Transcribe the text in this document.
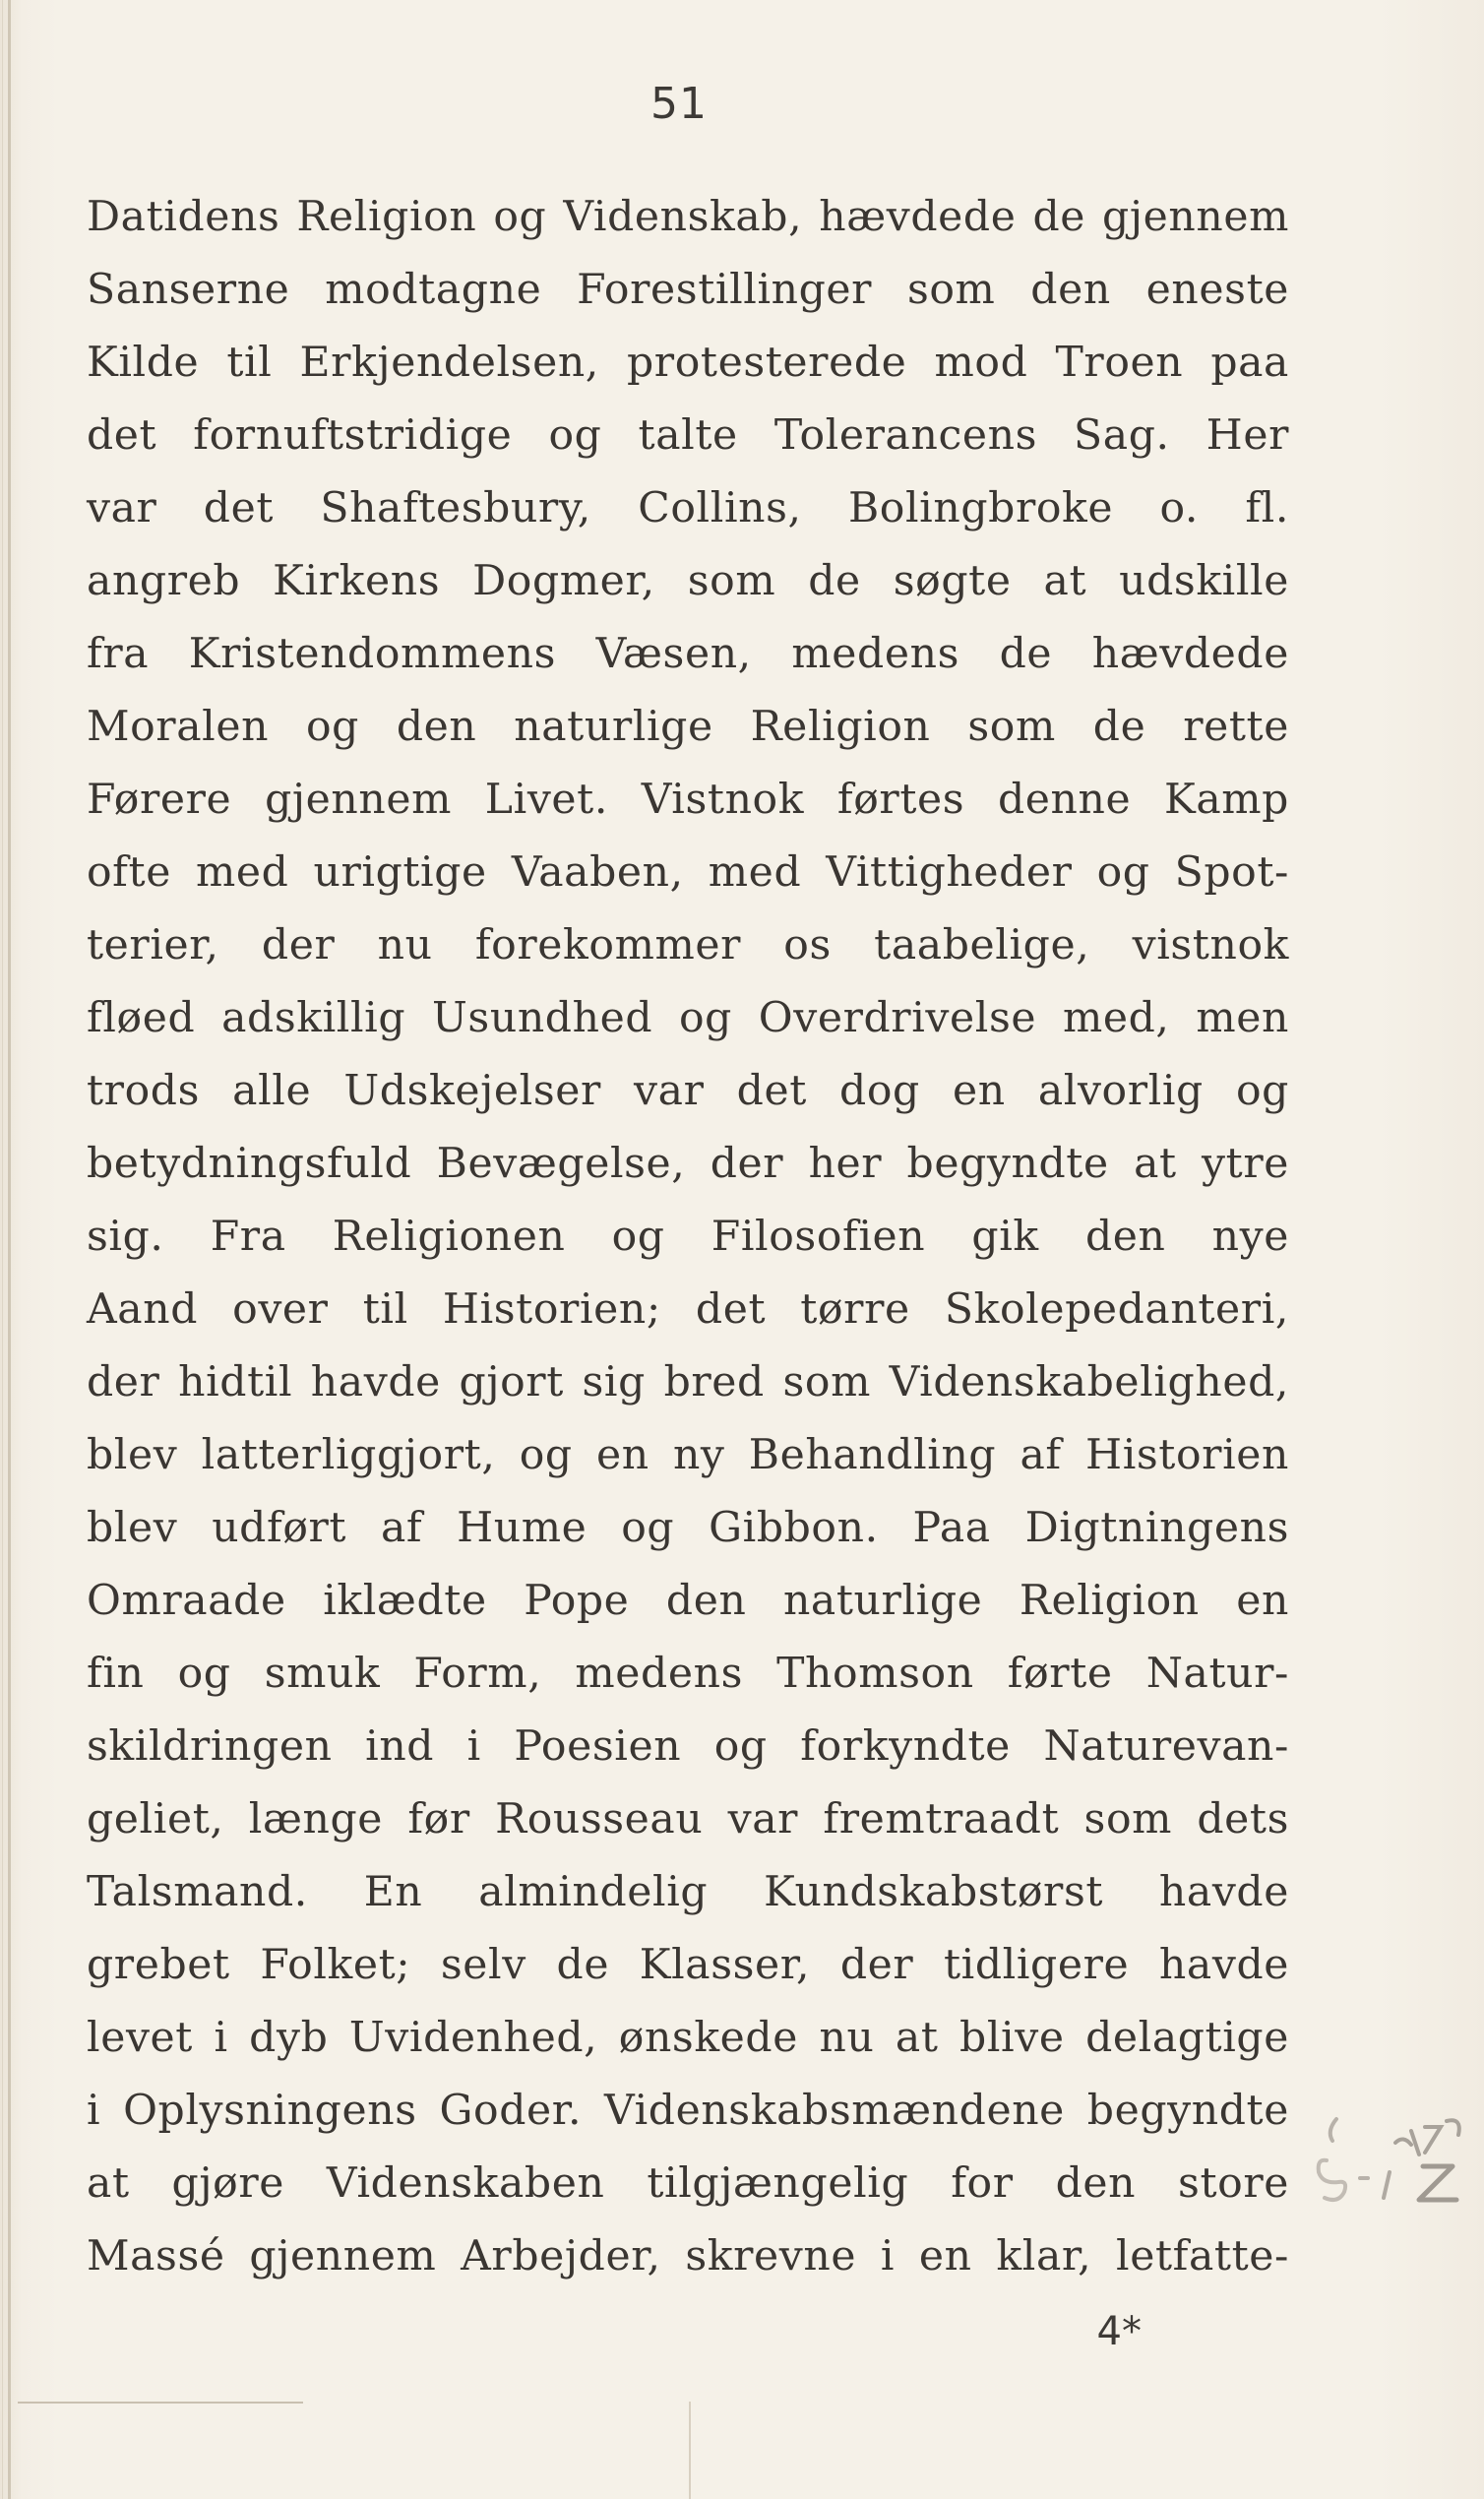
51
Datidens Religion og Videnskab, hævdede de gjennem
Sanserne modtagne Forestillinger som den eneste
Kilde til Erkjendelsen, protesterede mod Troen paa
det fornuftstridige og talte Tolerancens Sag. Her
var det Shaftesbury, Collins, Bolingbroke o. fl.
angreb Kirkens Dogmer, som de søgte at udskille
fra Kristendommens Væsen, medens de hævdede
Moralen og den naturlige Religion som de rette
Førere gjennem Livet. Vistnok førtes denne Kamp
ofte med urigtige Vaaben, med Vittigheder og Spot-
terier, der nu forekommer os taabelige, vistnok
fløed adskillig Usundhed og Overdrivelse med, men
trods alle Udskejelser var det dog en alvorlig og
betydningsfuld Bevægelse, der her begyndte at ytre
sig. Fra Religionen og Filosofien gik den nye
Aand over til Historien; det tørre Skolepedanteri,
der hidtil havde gjort sig bred som Videnskabelighed,
blev latterliggjort, og en ny Behandling af Historien
blev udført af Hume og Gibbon. Paa Digtningens
Omraade iklædte Pope den naturlige Religion en
fin og smuk Form, medens Thomson førte Natur-
skildringen ind i Poesien og forkyndte Naturevan-
geliet, længe før Rousseau var fremtraadt som dets
Talsmand. En almindelig Kundskabstørst havde
grebet Folket; selv de Klasser, der tidligere havde
levet i dyb Uvidenhed, ønskede nu at blive delagtige
i Oplysningens Goder. Videnskabsmændene begyndte
at gjøre Videnskaben tilgjængelig for den store
Massé gjennem Arbejder, skrevne i en klar, letfatte-
4*
